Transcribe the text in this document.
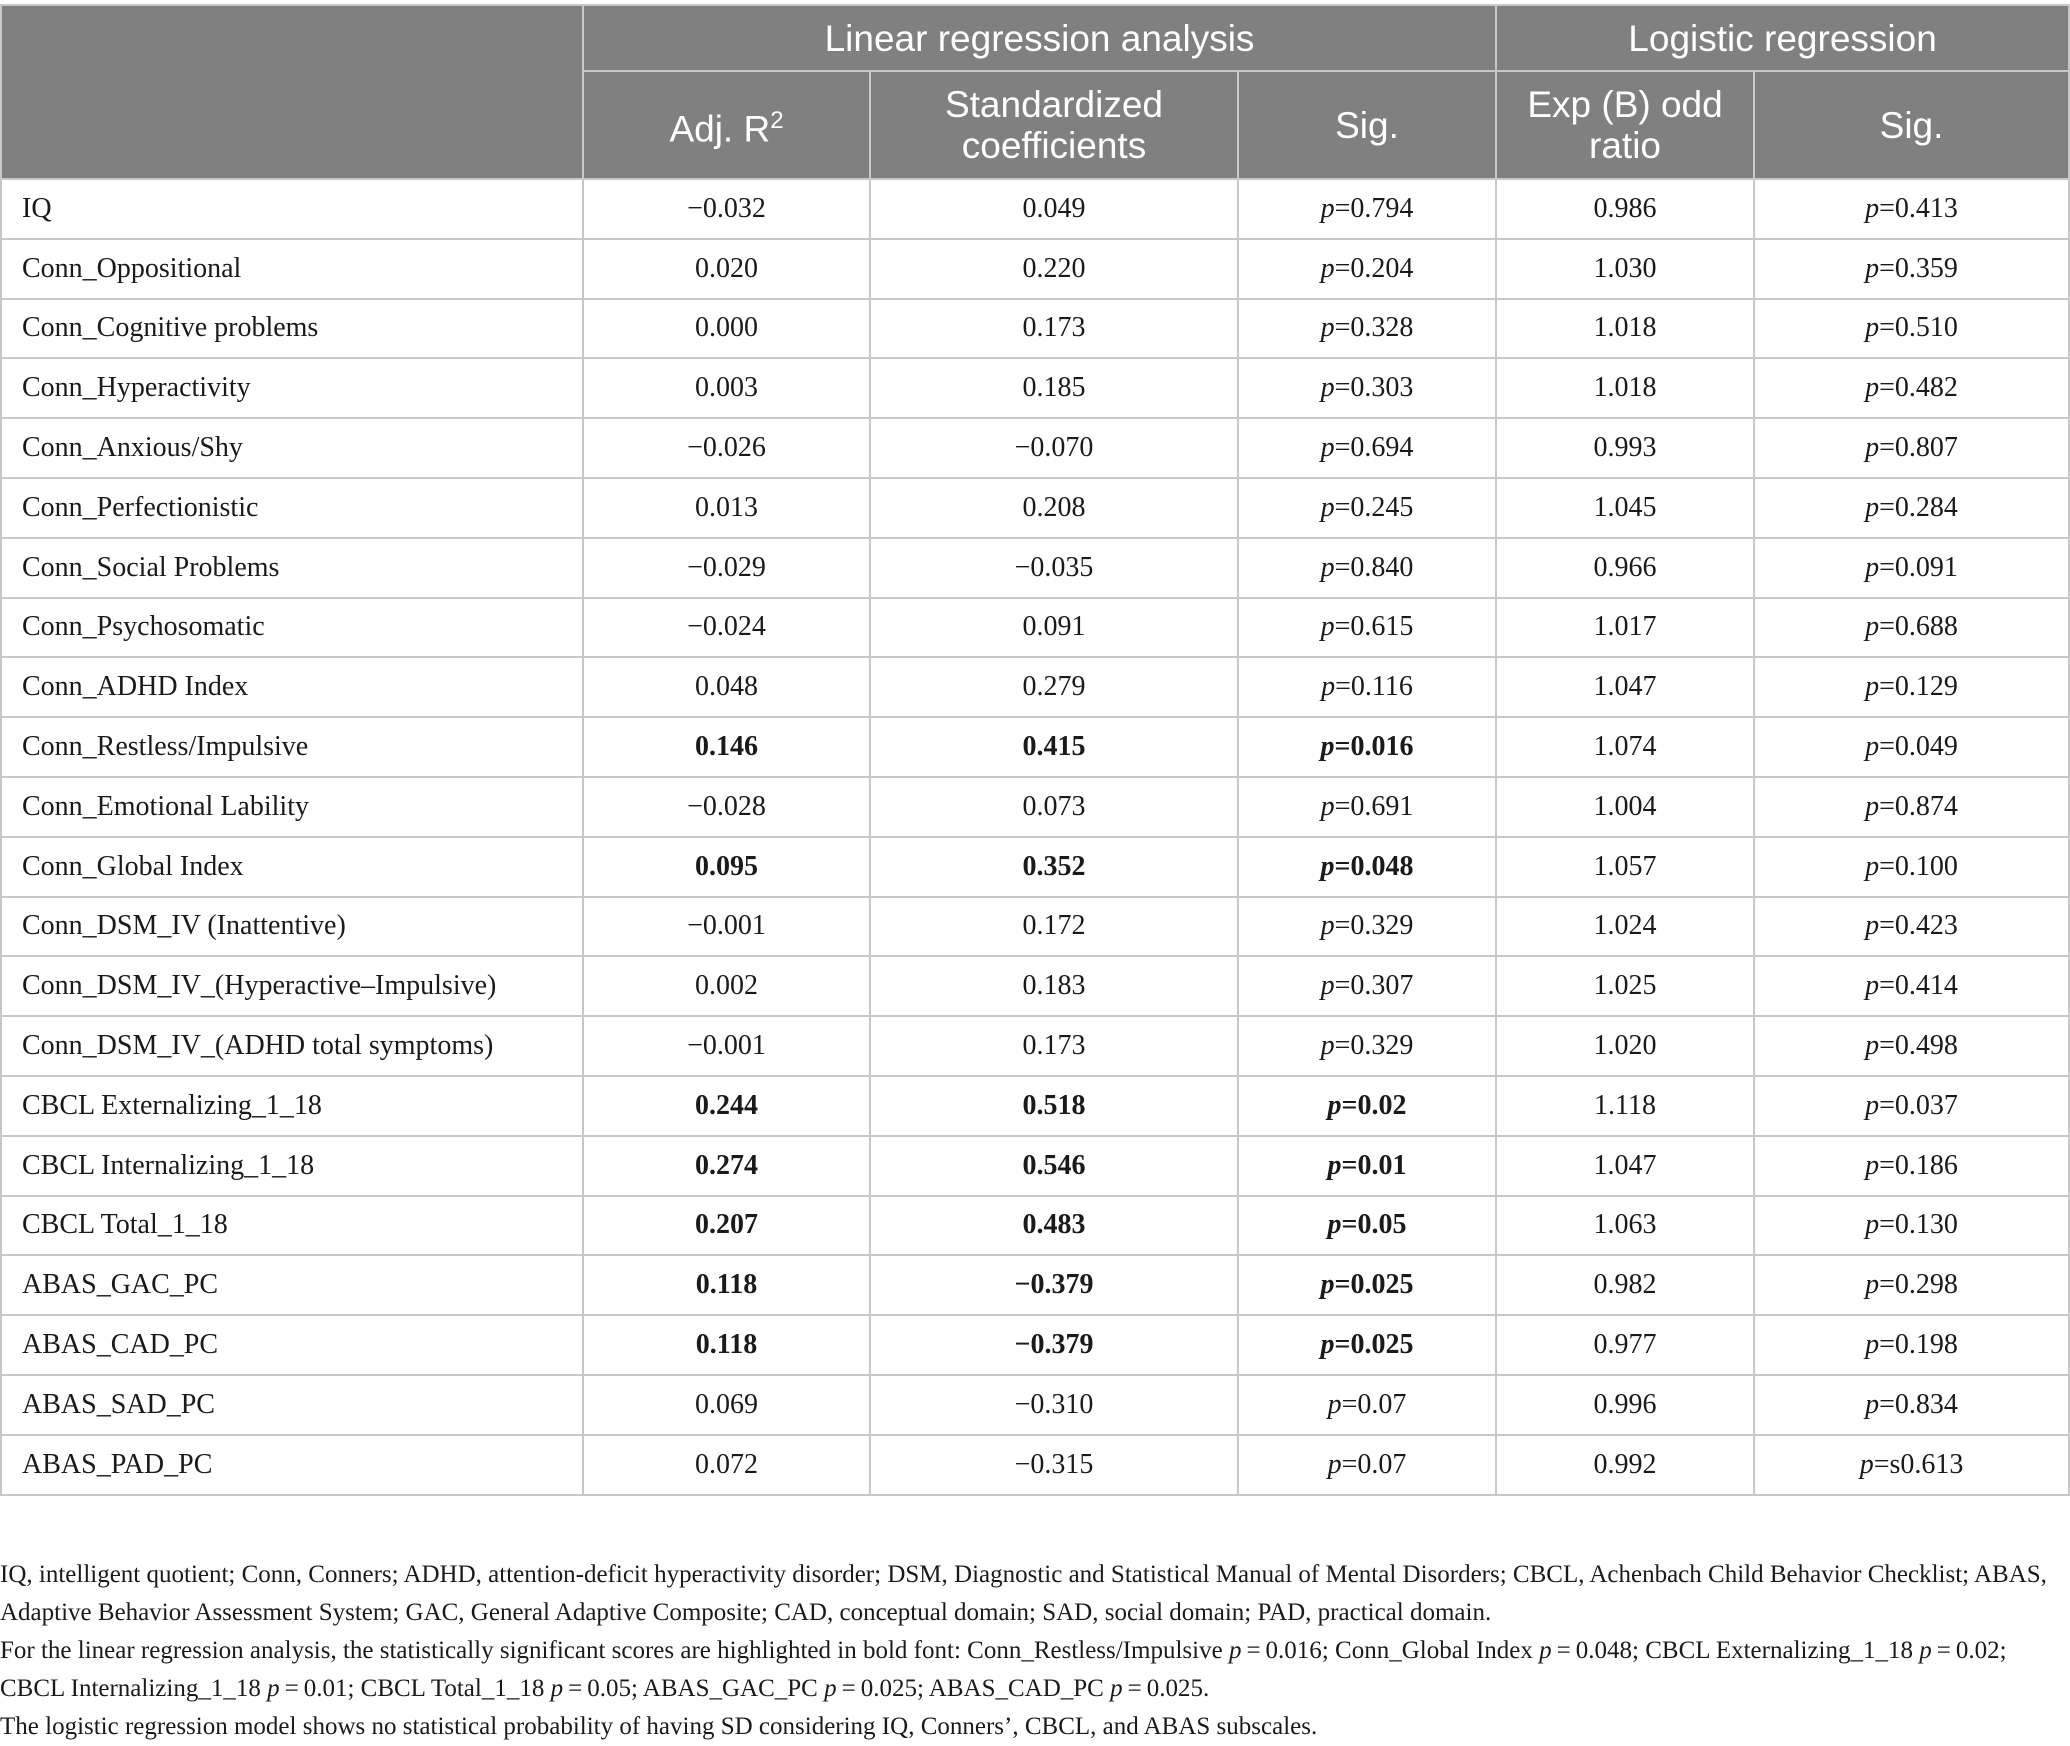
	Linear regression analysis			Logistic regression	
	Adj. $R^2$	Standardized coefficients	Sig.	Exp (B) odd ratio	Sig.
IQ	−0.032	0.049	p=0.794	0.986	p=0.413
Conn_Oppositional	0.020	0.220	p=0.204	1.030	p=0.359
Conn_Cognitive problems	0.000	0.173	p=0.328	1.018	p=0.510
Conn_Hyperactivity	0.003	0.185	p=0.303	1.018	p=0.482
Conn_Anxious/Shy	−0.026	−0.070	p=0.694	0.993	p=0.807
Conn_Perfectionistic	0.013	0.208	p=0.245	1.045	p=0.284
Conn_Social Problems	−0.029	−0.035	p=0.840	0.966	p=0.091
Conn_Psychosomatic	−0.024	0.091	p=0.615	1.017	p=0.688
Conn_ADHD Index	0.048	0.279	p=0.116	1.047	p=0.129
Conn_Restless/Impulsive	0.146	0.415	p=0.016	1.074	p=0.049
Conn_Emotional Lability	−0.028	0.073	p=0.691	1.004	p=0.874
Conn_Global Index	0.095	0.352	p=0.048	1.057	p=0.100
Conn_DSM_IV (Inattentive)	−0.001	0.172	p=0.329	1.024	p=0.423
Conn_DSM_IV_(Hyperactive–Impulsive)	0.002	0.183	p=0.307	1.025	p=0.414
Conn_DSM_IV_(ADHD total symptoms)	−0.001	0.173	p=0.329	1.020	p=0.498
CBCL Externalizing_1_18	0.244	0.518	p=0.02	1.118	p=0.037
CBCL Internalizing_1_18	0.274	0.546	p=0.01	1.047	p=0.186
CBCL Total_1_18	0.207	0.483	p=0.05	1.063	p=0.130
ABAS_GAC_PC	0.118	−0.379	p=0.025	0.982	p=0.298
ABAS_CAD_PC	0.118	−0.379	p=0.025	0.977	p=0.198
ABAS_SAD_PC	0.069	−0.310	p=0.07	0.996	p=0.834
ABAS_PAD_PC	0.072	−0.315	p=0.07	0.992	p=s0.613

IQ, intelligent quotient; Conn, Conners; ADHD, attention-deficit hyperactivity disorder; DSM, Diagnostic and Statistical Manual of Mental Disorders; CBCL, Achenbach Child Behavior Checklist; ABAS, Adaptive Behavior Assessment System; GAC, General Adaptive Composite; CAD, conceptual domain; SAD, social domain; PAD, practical domain.

For the linear regression analysis, the statistically significant scores are highlighted in bold font: Conn_Restless/Impulsive p = 0.016; Conn_Global Index p = 0.048; CBCL Externalizing_1_18 p = 0.02; CBCL Internalizing_1_18 p = 0.01; CBCL Total_1_18 p = 0.05; ABAS_GAC_PC p = 0.025; ABAS_CAD_PC p = 0.025.

The logistic regression model shows no statistical probability of having SD considering IQ, Conners’, CBCL, and ABAS subscales.
